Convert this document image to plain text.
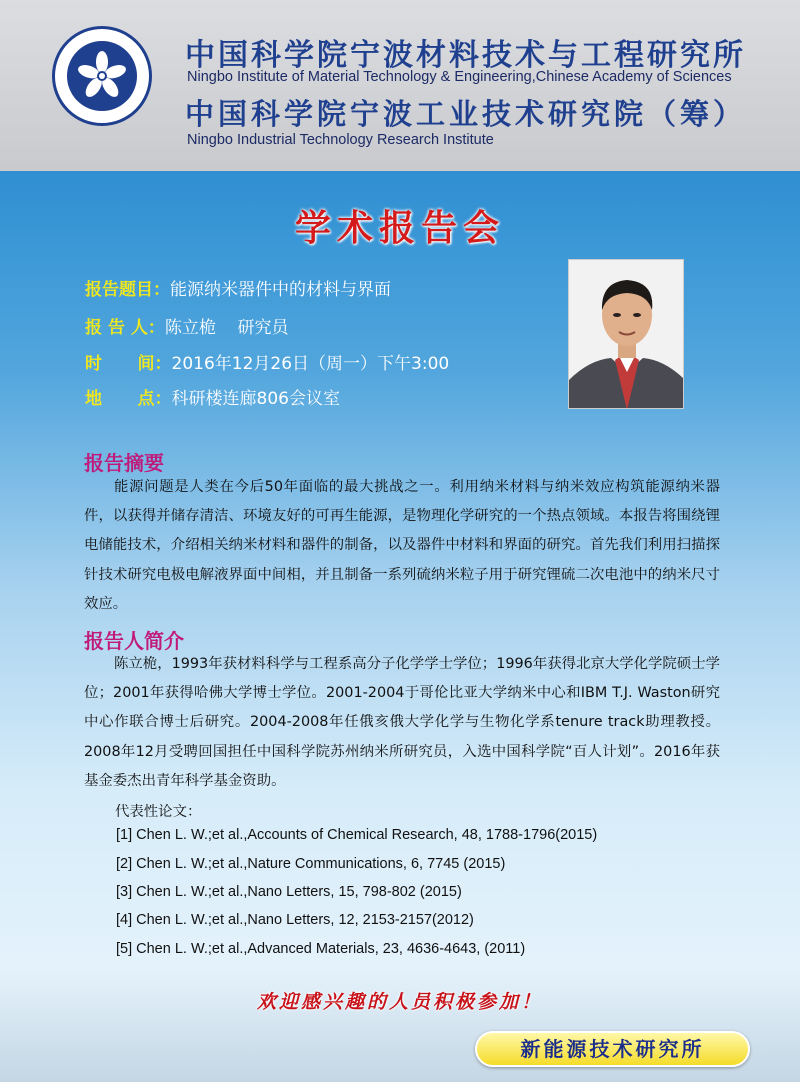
中国科学院宁波材料技术与工程研究所
Ningbo Institute of Material Technology & Engineering,Chinese Academy of Sciences
中国科学院宁波工业技术研究院（筹）
Ningbo Industrial Technology Research Institute
学术报告会
报告题目：能源纳米器件中的材料与界面
报 告 人：陈立桅    研究员
时      间：2016年12月26日（周一）下午3:00
地      点：科研楼连廊806会议室
报告摘要
能源问题是人类在今后50年面临的最大挑战之一。利用纳米材料与纳米效应构筑能源纳米器件，以获得并储存清洁、环境友好的可再生能源，是物理化学研究的一个热点领域。本报告将围绕锂电储能技术，介绍相关纳米材料和器件的制备，以及器件中材料和界面的研究。首先我们利用扫描探针技术研究电极电解液界面中间相，并且制备一系列硫纳米粒子用于研究锂硫二次电池中的纳米尺寸效应。
报告人简介
陈立桅，1993年获材料科学与工程系高分子化学学士学位；1996年获得北京大学化学院硕士学位；2001年获得哈佛大学博士学位。2001-2004于哥伦比亚大学纳米中心和IBM T.J. Waston研究中心作联合博士后研究。2004-2008年任俄亥俄大学化学与生物化学系tenure track助理教授。2008年12月受聘回国担任中国科学院苏州纳米所研究员，入选中国科学院“百人计划”。2016年获基金委杰出青年科学基金资助。
代表性论文：
[1] Chen L. W.;et al.,Accounts of Chemical Research, 48, 1788-1796(2015)
[2] Chen L. W.;et al.,Nature Communications, 6, 7745 (2015)
[3] Chen L. W.;et al.,Nano Letters, 15, 798-802 (2015)
[4] Chen L. W.;et al.,Nano Letters, 12, 2153-2157(2012)
[5] Chen L. W.;et al.,Advanced Materials, 23, 4636-4643, (2011)
欢迎感兴趣的人员积极参加！
新能源技术研究所
